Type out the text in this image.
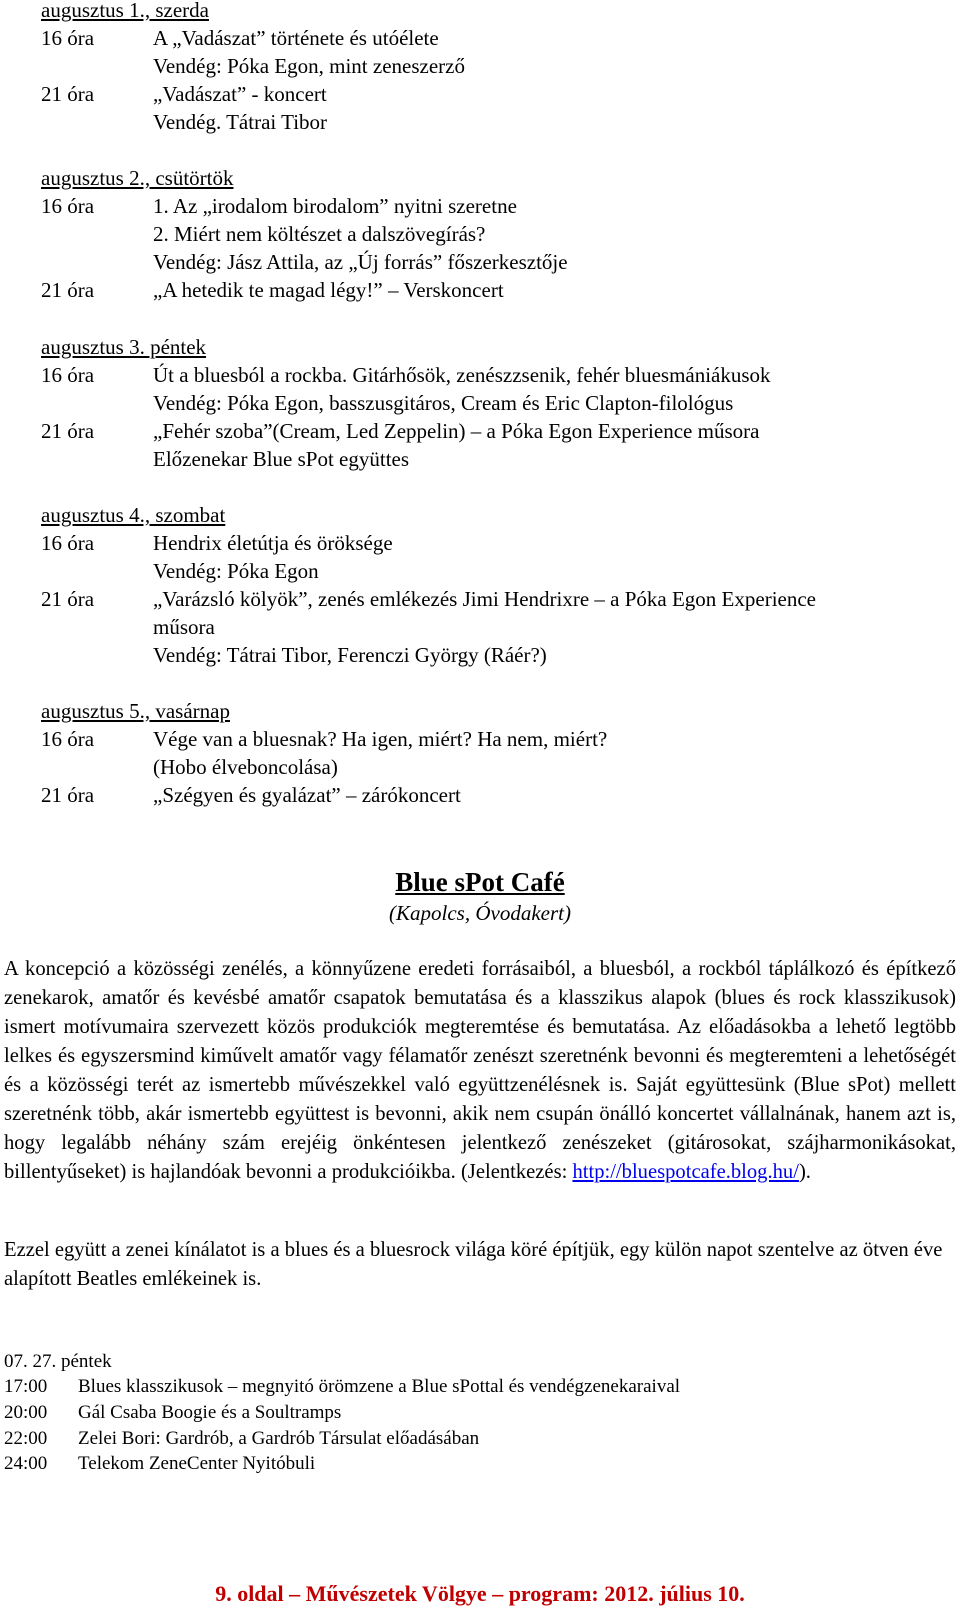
augusztus 1., szerda
16 óra	A „Vadászat” története és utóélete
Vendég: Póka Egon, mint zeneszerző
21 óra	„Vadászat” - koncert
Vendég. Tátrai Tibor
augusztus 2., csütörtök
16 óra	1. Az „irodalom birodalom” nyitni szeretne
2. Miért nem költészet a dalszövegírás?
Vendég: Jász Attila, az „Új forrás” főszerkesztője
21 óra	„A hetedik te magad légy!” – Verskoncert
augusztus 3. péntek
16 óra	Út a bluesból a rockba. Gitárhősök, zenészzsenik, fehér bluesmániákusok
Vendég: Póka Egon, basszusgitáros, Cream és Eric Clapton-filológus
21 óra	„Fehér szoba”(Cream, Led Zeppelin) – a Póka Egon Experience műsora
Előzenekar Blue sPot együttes
augusztus 4., szombat
16 óra	Hendrix életútja és öröksége
Vendég: Póka Egon
21 óra	„Varázsló kölyök”, zenés emlékezés Jimi Hendrixre – a Póka Egon Experience
műsora
Vendég: Tátrai Tibor, Ferenczi György (Ráér?)
augusztus 5., vasárnap
16 óra	Vége van a bluesnak? Ha igen, miért? Ha nem, miért?
(Hobo élveboncolása)
21 óra	„Szégyen és gyalázat” – zárókoncert
Blue sPot Café
(Kapolcs, Óvodakert)
A koncepció a közösségi zenélés, a könnyűzene eredeti forrásaiból, a bluesból, a rockból táplálkozó és építkező zenekarok, amatőr és kevésbé amatőr csapatok bemutatása és a klasszikus alapok (blues és rock klasszikusok) ismert motívumaira szervezett közös produkciók megteremtése és bemutatása. Az előadásokba a lehető legtöbb lelkes és egyszersmind kiművelt amatőr vagy félamatőr zenészt szeretnénk bevonni és megteremteni a lehetőségét és a közösségi terét az ismertebb művészekkel való együttzenélésnek is. Saját együttesünk (Blue sPot) mellett szeretnénk több, akár ismertebb együttest is bevonni, akik nem csupán önálló koncertet vállalnának, hanem azt is, hogy legalább néhány szám erejéig önkéntesen jelentkező zenészeket (gitárosokat, szájharmonikásokat, billentyűseket) is hajlandóak bevonni a produkcióikba. (Jelentkezés: http://bluespotcafe.blog.hu/).
Ezzel együtt a zenei kínálatot is a blues és a bluesrock világa köré építjük, egy külön napot szentelve az ötven éve alapított Beatles emlékeinek is.
07. 27. péntek
17:00 Blues klasszikusok – megnyitó örömzene a Blue sPottal és vendégzenekaraival
20:00 Gál Csaba Boogie és a Soultramps
22:00 Zelei Bori: Gardrób, a Gardrób Társulat előadásában
24:00 Telekom ZeneCenter Nyitóbuli
9. oldal – Művészetek Völgye – program: 2012. július 10.
